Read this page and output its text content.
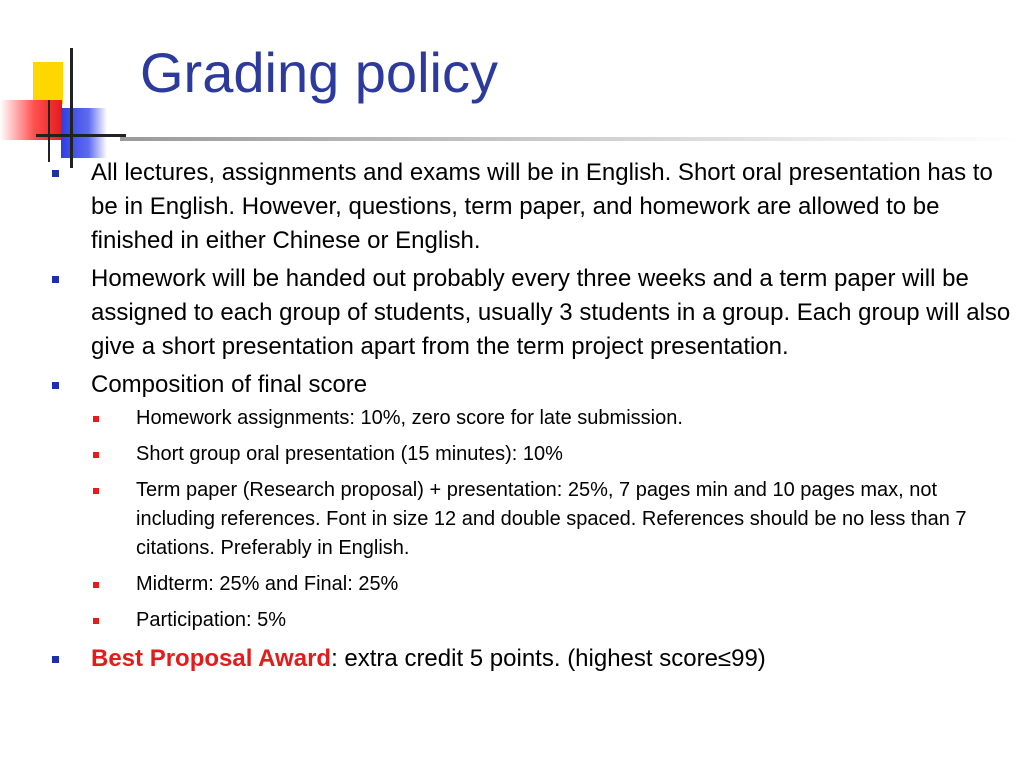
Grading policy
All lectures, assignments and exams will be in English. Short oral presentation has to be in English. However, questions, term paper, and homework are allowed to be finished in either Chinese or English.
Homework will be handed out probably every three weeks and a term paper will be assigned to each group of students, usually 3 students in a group. Each group will also give a short presentation apart from the term project presentation.
Composition of final score
Homework assignments: 10%, zero score for late submission.
Short group oral presentation (15 minutes): 10%
Term paper (Research proposal) + presentation: 25%, 7 pages min and 10 pages max, not including references. Font in size 12 and double spaced. References should be no less than 7 citations. Preferably in English.
Midterm: 25% and Final: 25%
Participation: 5%
Best Proposal Award: extra credit 5 points. (highest score≤99)
